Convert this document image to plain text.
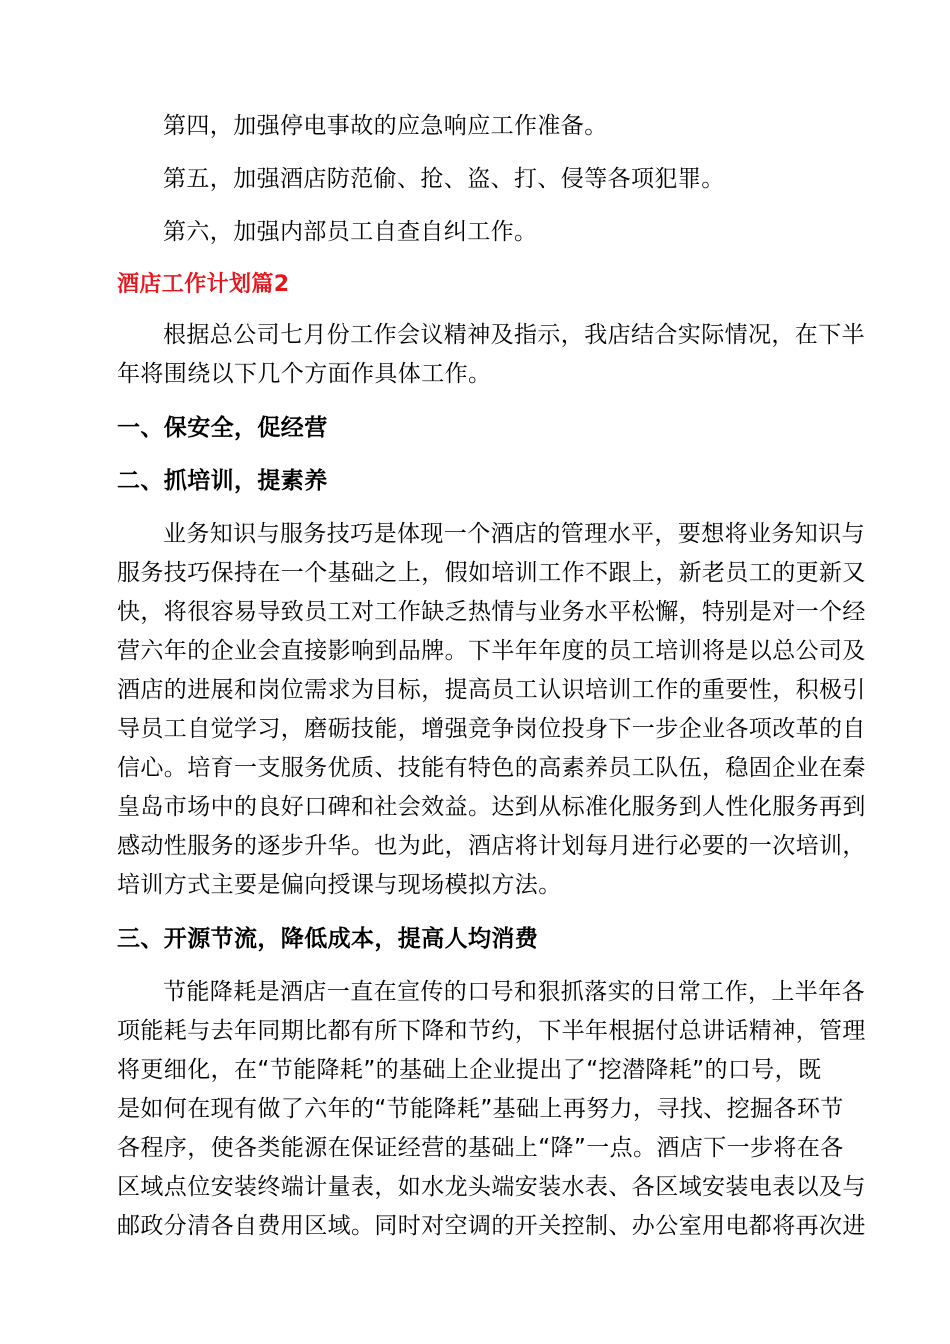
第四，加强停电事故的应急响应工作准备。

第五，加强酒店防范偷、抢、盗、打、侵等各项犯罪。

第六，加强内部员工自查自纠工作。

酒店工作计划篇2

根据总公司七月份工作会议精神及指示，我店结合实际情况，在下半
年将围绕以下几个方面作具体工作。

一、保安全，促经营

二、抓培训，提素养

业务知识与服务技巧是体现一个酒店的管理水平，要想将业务知识与
服务技巧保持在一个基础之上，假如培训工作不跟上，新老员工的更新又
快，将很容易导致员工对工作缺乏热情与业务水平松懈，特别是对一个经
营六年的企业会直接影响到品牌。下半年年度的员工培训将是以总公司及
酒店的进展和岗位需求为目标，提高员工认识培训工作的重要性，积极引
导员工自觉学习，磨砺技能，增强竞争岗位投身下一步企业各项改革的自
信心。培育一支服务优质、技能有特色的高素养员工队伍，稳固企业在秦
皇岛市场中的良好口碑和社会效益。达到从标准化服务到人性化服务再到
感动性服务的逐步升华。也为此，酒店将计划每月进行必要的一次培训，
培训方式主要是偏向授课与现场模拟方法。

三、开源节流，降低成本，提高人均消费

节能降耗是酒店一直在宣传的口号和狠抓落实的日常工作，上半年各
项能耗与去年同期比都有所下降和节约，下半年根据付总讲话精神，管理
将更细化，在“节能降耗”的基础上企业提出了“挖潜降耗”的口号，既
是如何在现有做了六年的“节能降耗”基础上再努力，寻找、挖掘各环节
各程序，使各类能源在保证经营的基础上“降”一点。酒店下一步将在各
区域点位安装终端计量表，如水龙头端安装水表、各区域安装电表以及与
邮政分清各自费用区域。同时对空调的开关控制、办公室用电都将再次进
